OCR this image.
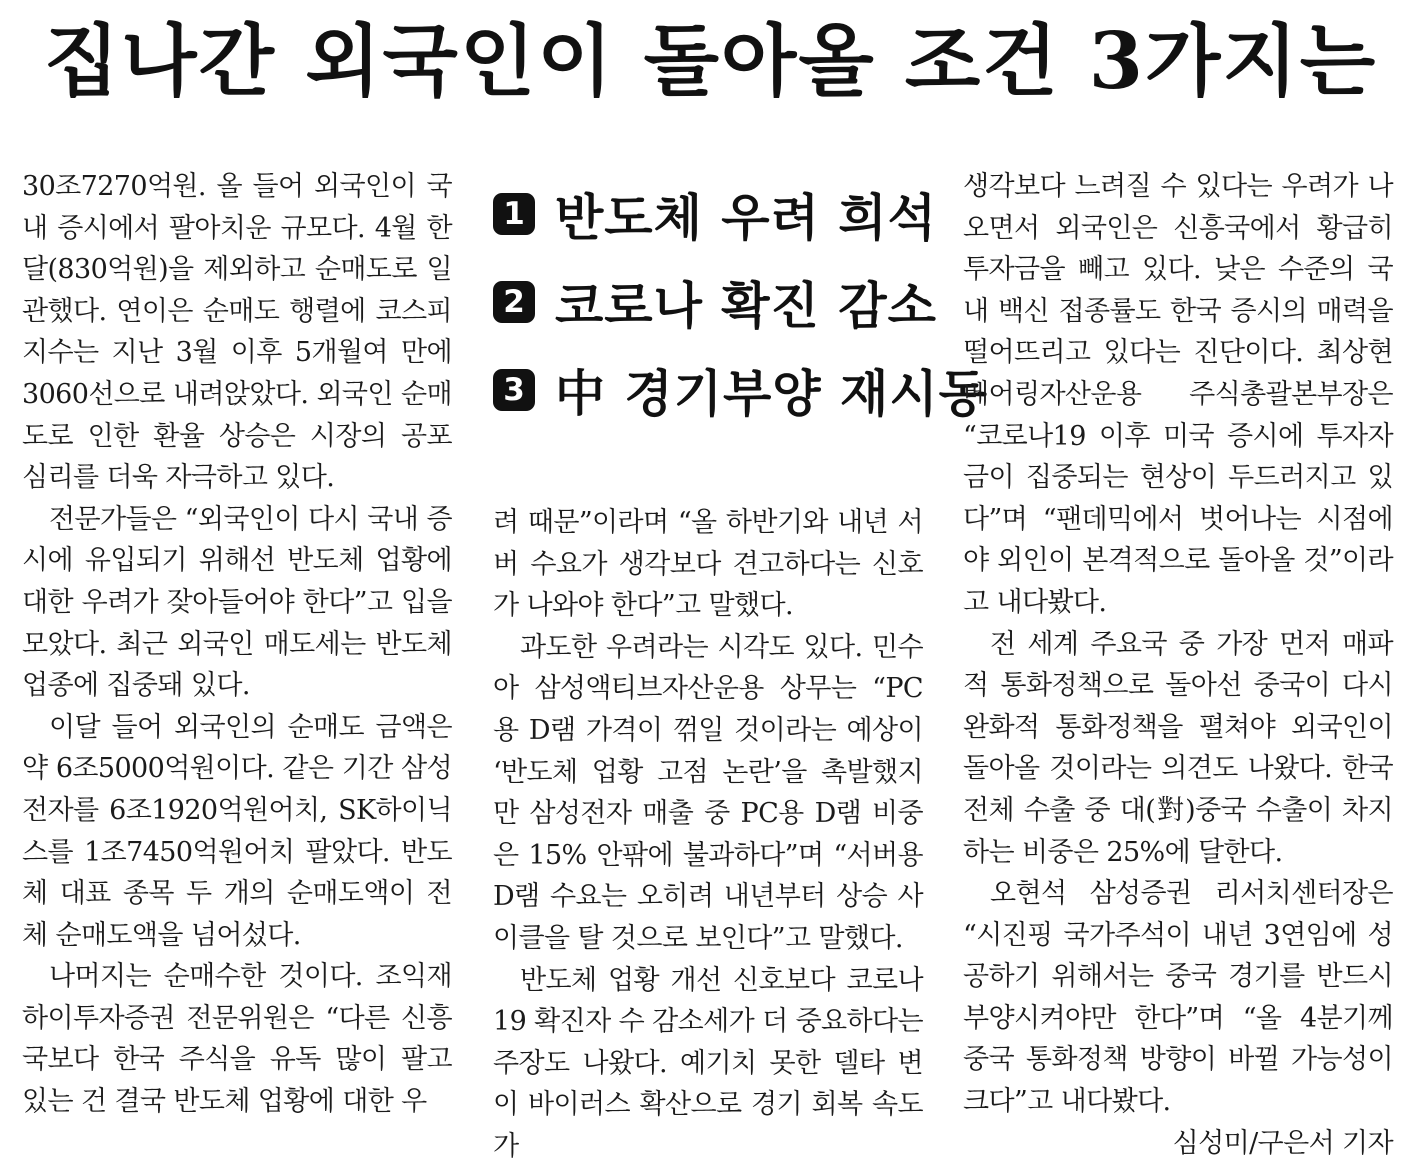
집나간 외국인이 돌아올 조건 3가지는

30조7270억원. 올 들어 외국인이 국내 증시에서 팔아치운 규모다. 4월 한 달(830억원)을 제외하고 순매도로 일관했다. 연이은 순매도 행렬에 코스피지수는 지난 3월 이후 5개월여 만에 3060선으로 내려앉았다. 외국인 순매도로 인한 환율 상승은 시장의 공포 심리를 더욱 자극하고 있다.

전문가들은 “외국인이 다시 국내 증시에 유입되기 위해선 반도체 업황에 대한 우려가 잦아들어야 한다”고 입을 모았다. 최근 외국인 매도세는 반도체 업종에 집중돼 있다.

이달 들어 외국인의 순매도 금액은 약 6조5000억원이다. 같은 기간 삼성전자를 6조1920억원어치, SK하이닉스를 1조7450억원어치 팔았다. 반도체 대표 종목 두 개의 순매도액이 전체 순매도액을 넘어섰다.

나머지는 순매수한 것이다. 조익재 하이투자증권 전문위원은 “다른 신흥국보다 한국 주식을 유독 많이 팔고 있는 건 결국 반도체 업황에 대한 우

1 반도체 우려 희석
2 코로나 확진 감소
3 中 경기부양 재시동

려 때문”이라며 “올 하반기와 내년 서버 수요가 생각보다 견고하다는 신호가 나와야 한다”고 말했다.

과도한 우려라는 시각도 있다. 민수아 삼성액티브자산운용 상무는 “PC용 D램 가격이 꺾일 것이라는 예상이 ‘반도체 업황 고점 논란’을 촉발했지만 삼성전자 매출 중 PC용 D램 비중은 15% 안팎에 불과하다”며 “서버용 D램 수요는 오히려 내년부터 상승 사이클을 탈 것으로 보인다”고 말했다.

반도체 업황 개선 신호보다 코로나19 확진자 수 감소세가 더 중요하다는 주장도 나왔다. 예기치 못한 델타 변이 바이러스 확산으로 경기 회복 속도가

생각보다 느려질 수 있다는 우려가 나오면서 외국인은 신흥국에서 황급히 투자금을 빼고 있다. 낮은 수준의 국내 백신 접종률도 한국 증시의 매력을 떨어뜨리고 있다는 진단이다. 최상현 베어링자산운용 주식총괄본부장은 “코로나19 이후 미국 증시에 투자자금이 집중되는 현상이 두드러지고 있다”며 “팬데믹에서 벗어나는 시점에야 외인이 본격적으로 돌아올 것”이라고 내다봤다.

전 세계 주요국 중 가장 먼저 매파적 통화정책으로 돌아선 중국이 다시 완화적 통화정책을 펼쳐야 외국인이 돌아올 것이라는 의견도 나왔다. 한국 전체 수출 중 대(對)중국 수출이 차지하는 비중은 25%에 달한다.

오현석 삼성증권 리서치센터장은 “시진핑 국가주석이 내년 3연임에 성공하기 위해서는 중국 경기를 반드시 부양시켜야만 한다”며 “올 4분기께 중국 통화정책 방향이 바뀔 가능성이 크다”고 내다봤다.
심성미/구은서 기자
